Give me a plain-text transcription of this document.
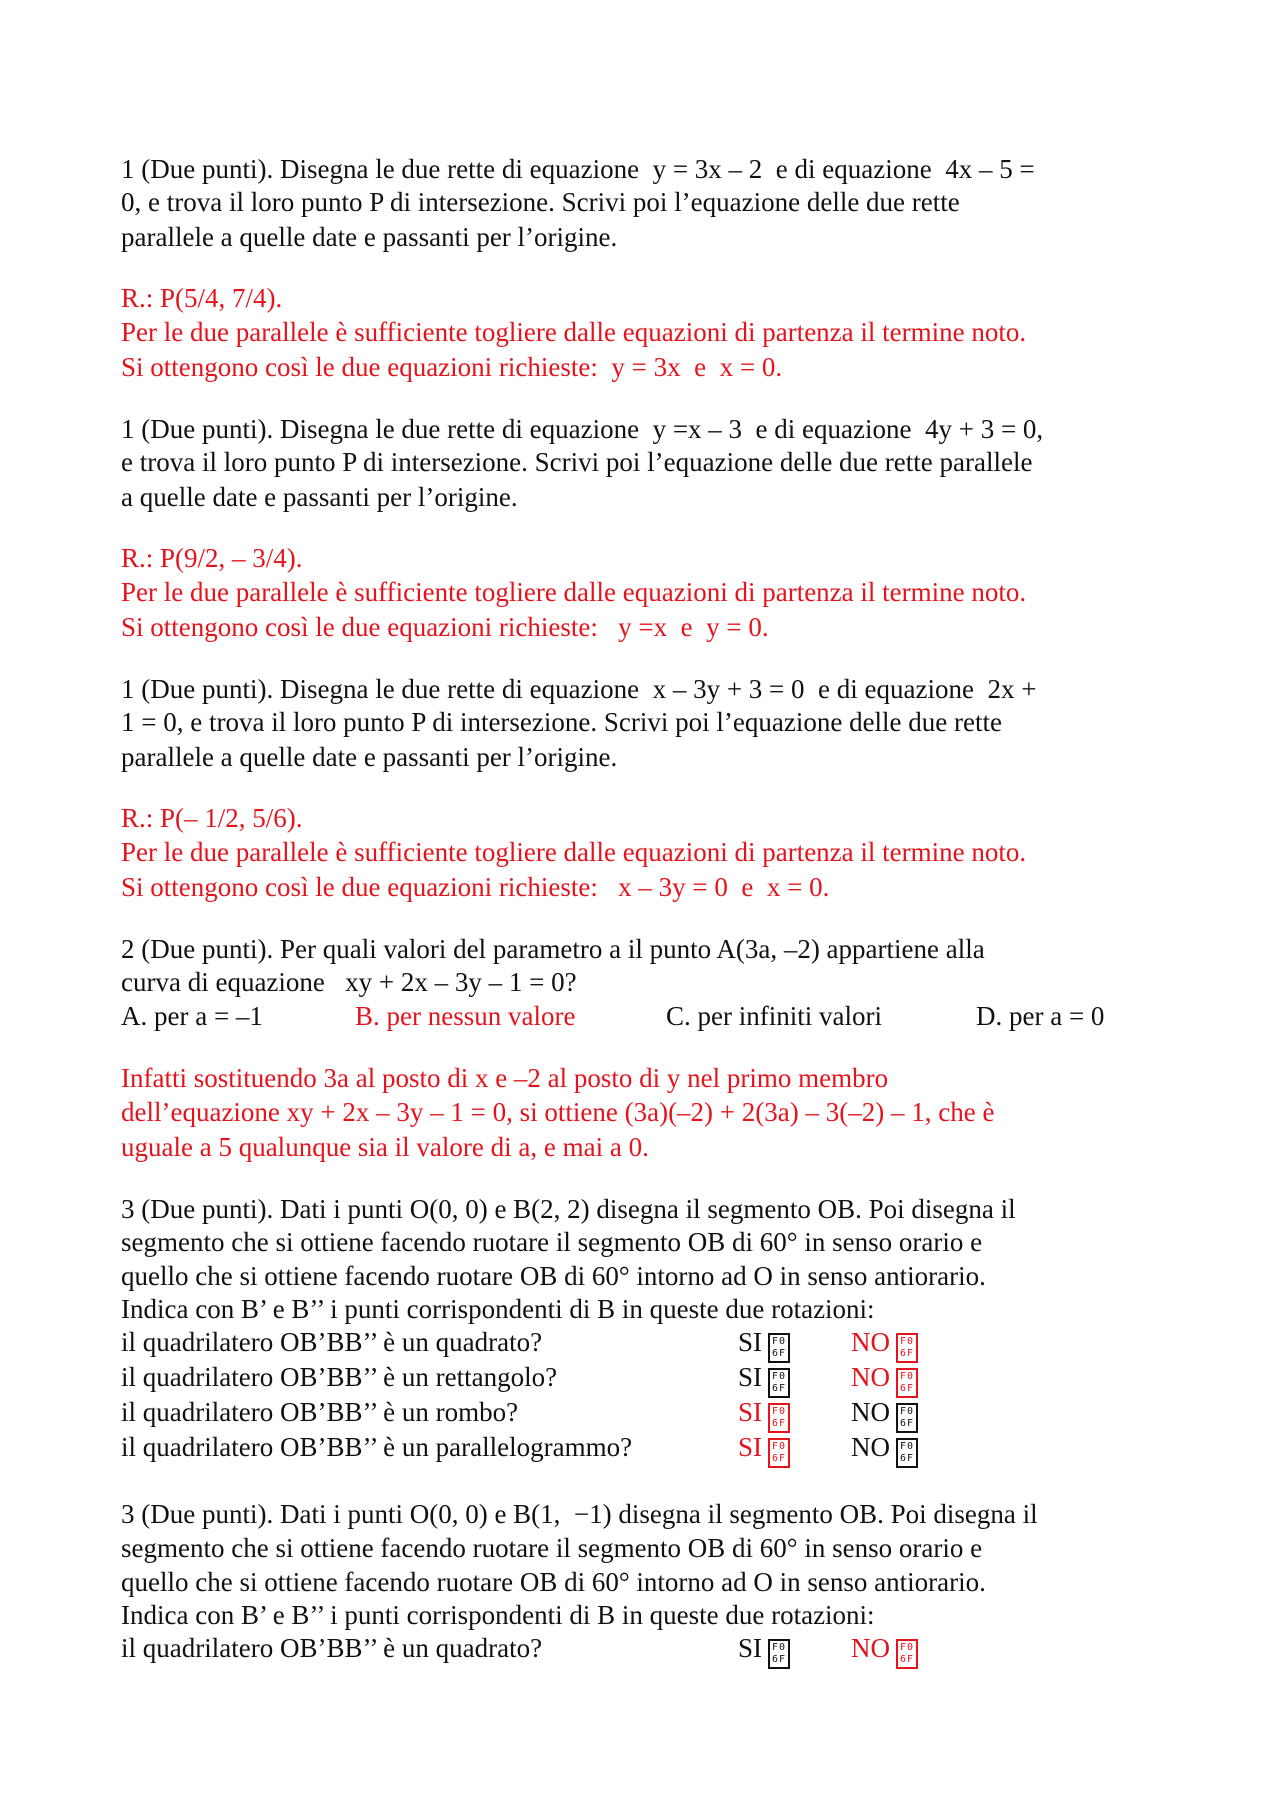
1 (Due punti). Disegna le due rette di equazione  y = 3x – 2  e di equazione  4x – 5 =
0, e trova il loro punto P di intersezione. Scrivi poi l’equazione delle due rette
parallele a quelle date e passanti per l’origine.
R.: P(5/4, 7/4).
Per le due parallele è sufficiente togliere dalle equazioni di partenza il termine noto.
Si ottengono così le due equazioni richieste:  y = 3x  e  x = 0.
1 (Due punti). Disegna le due rette di equazione  y =x – 3  e di equazione  4y + 3 = 0,
e trova il loro punto P di intersezione. Scrivi poi l’equazione delle due rette parallele
a quelle date e passanti per l’origine.
R.: P(9/2, – 3/4).
Per le due parallele è sufficiente togliere dalle equazioni di partenza il termine noto.
Si ottengono così le due equazioni richieste:   y =x  e  y = 0.
1 (Due punti). Disegna le due rette di equazione  x – 3y + 3 = 0  e di equazione  2x +
1 = 0, e trova il loro punto P di intersezione. Scrivi poi l’equazione delle due rette
parallele a quelle date e passanti per l’origine.
R.: P(– 1/2, 5/6).
Per le due parallele è sufficiente togliere dalle equazioni di partenza il termine noto.
Si ottengono così le due equazioni richieste:   x – 3y = 0  e  x = 0.
2 (Due punti). Per quali valori del parametro a il punto A(3a, –2) appartiene alla
curva di equazione   xy + 2x – 3y – 1 = 0?
A. per a = –1	B. per nessun valore	C. per infiniti valori	D. per a = 0
Infatti sostituendo 3a al posto di x e –2 al posto di y nel primo membro
dell’equazione xy + 2x – 3y – 1 = 0, si ottiene (3a)(–2) + 2(3a) – 3(–2) – 1, che è
uguale a 5 qualunque sia il valore di a, e mai a 0.
3 (Due punti). Dati i punti O(0, 0) e B(2, 2) disegna il segmento OB. Poi disegna il
segmento che si ottiene facendo ruotare il segmento OB di 60° in senso orario e
quello che si ottiene facendo ruotare OB di 60° intorno ad O in senso antiorario.
Indica con B’ e B’’ i punti corrispondenti di B in queste due rotazioni:
il quadrilatero OB’BB’’ è un quadrato?	SI F0
6F NO F0
6F
il quadrilatero OB’BB’’ è un rettangolo?	SI F0
6F NO F0
6F
il quadrilatero OB’BB’’ è un rombo?	SI F0
6F NO F0
6F
il quadrilatero OB’BB’’ è un parallelogrammo?	SI F0
6F NO F0
6F
3 (Due punti). Dati i punti O(0, 0) e B(1,  −1) disegna il segmento OB. Poi disegna il
segmento che si ottiene facendo ruotare il segmento OB di 60° in senso orario e
quello che si ottiene facendo ruotare OB di 60° intorno ad O in senso antiorario.
Indica con B’ e B’’ i punti corrispondenti di B in queste due rotazioni:
il quadrilatero OB’BB’’ è un quadrato?	SI F0
6F NO F0
6F
